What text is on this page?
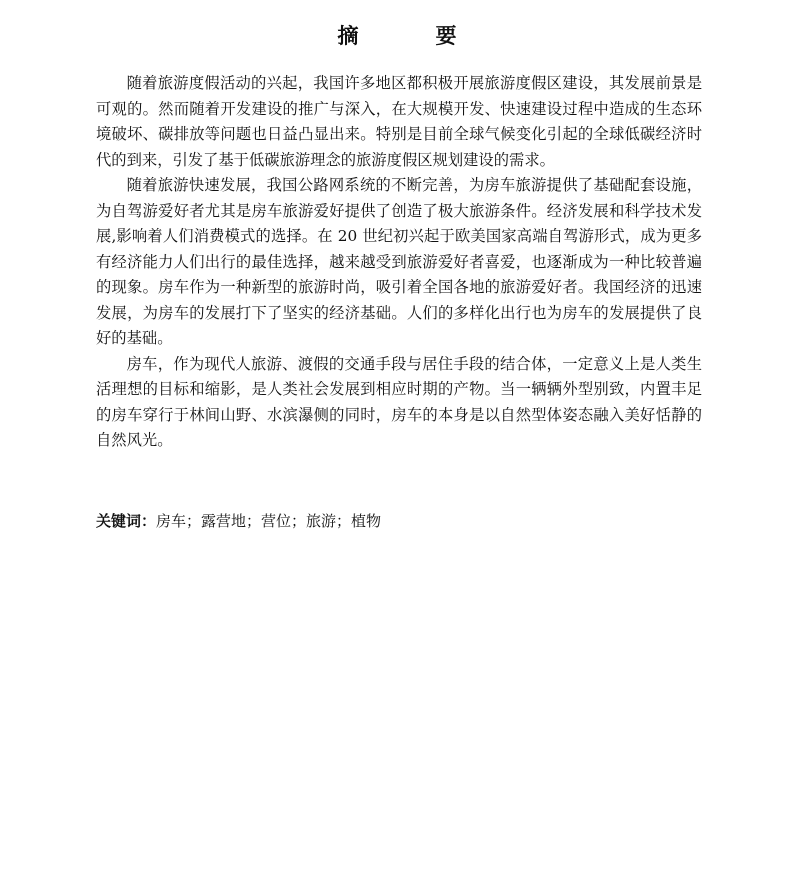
摘　要

随着旅游度假活动的兴起，我国许多地区都积极开展旅游度假区建设，其发展前景是可观的。然而随着开发建设的推广与深入，在大规模开发、快速建设过程中造成的生态环境破坏、碳排放等问题也日益凸显出来。特别是目前全球气候变化引起的全球低碳经济时代的到来，引发了基于低碳旅游理念的旅游度假区规划建设的需求。

随着旅游快速发展，我国公路网系统的不断完善，为房车旅游提供了基础配套设施，为自驾游爱好者尤其是房车旅游爱好提供了创造了极大旅游条件。经济发展和科学技术发展,影响着人们消费模式的选择。在 20 世纪初兴起于欧美国家高端自驾游形式，成为更多有经济能力人们出行的最佳选择，越来越受到旅游爱好者喜爱，也逐渐成为一种比较普遍的现象。房车作为一种新型的旅游时尚，吸引着全国各地的旅游爱好者。我国经济的迅速发展，为房车的发展打下了坚实的经济基础。人们的多样化出行也为房车的发展提供了良好的基础。

房车，作为现代人旅游、渡假的交通手段与居住手段的结合体，一定意义上是人类生活理想的目标和缩影，是人类社会发展到相应时期的产物。当一辆辆外型别致，内置丰足的房车穿行于林间山野、水滨瀑侧的同时，房车的本身是以自然型体姿态融入美好恬静的自然风光。

关键词：房车；露营地；营位；旅游；植物
